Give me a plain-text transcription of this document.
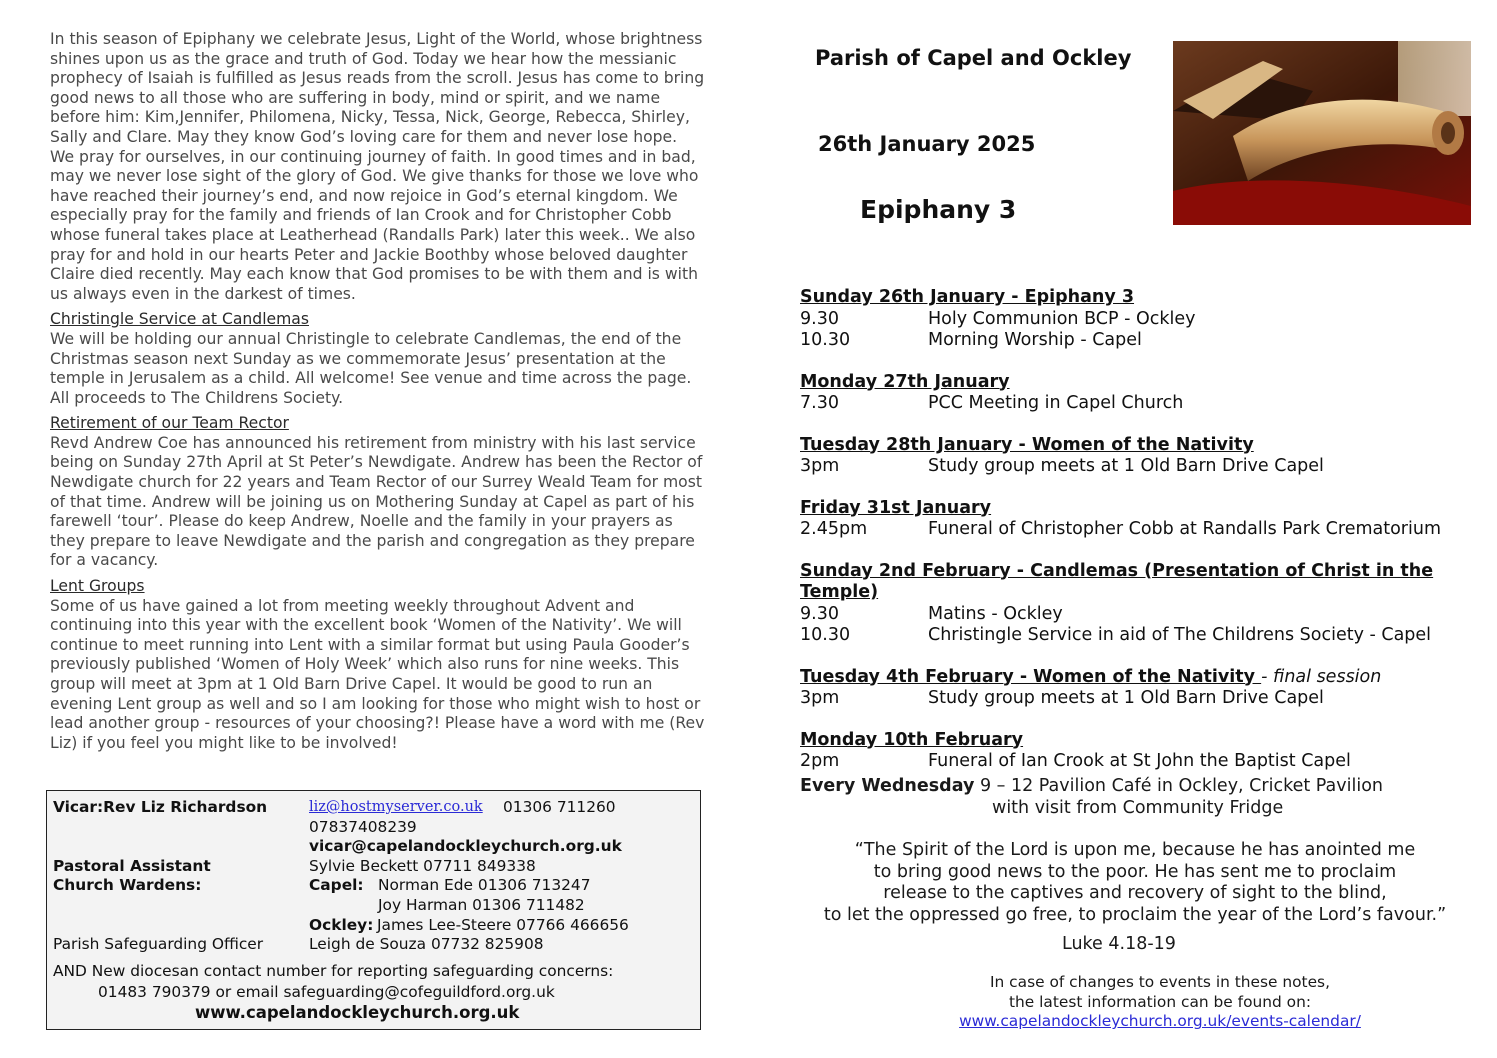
In this season of Epiphany we celebrate Jesus, Light of the World, whose brightness shines upon us as the grace and truth of God. Today we hear how the messianic prophecy of Isaiah is fulfilled as Jesus reads from the scroll. Jesus has come to bring good news to all those who are suffering in body, mind or spirit, and we name before him: Kim,Jennifer, Philomena, Nicky, Tessa, Nick, George, Rebecca, Shirley, Sally and Clare. May they know God’s loving care for them and never lose hope. We pray for ourselves, in our continuing journey of faith. In good times and in bad, may we never lose sight of the glory of God. We give thanks for those we love who have reached their journey’s end, and now rejoice in God’s eternal kingdom. We especially pray for the family and friends of Ian Crook and for Christopher Cobb whose funeral takes place at Leatherhead (Randalls Park) later this week.. We also pray for and hold in our hearts Peter and Jackie Boothby whose beloved daughter Claire died recently. May each know that God promises to be with them and is with us always even in the darkest of times.

Christingle Service at Candlemas

We will be holding our annual Christingle to celebrate Candlemas, the end of the Christmas season next Sunday as we commemorate Jesus’ presentation at the temple in Jerusalem as a child. All welcome! See venue and time across the page. All proceeds to The Childrens Society.

Retirement of our Team Rector

Revd Andrew Coe has announced his retirement from ministry with his last service being on Sunday 27th April at St Peter’s Newdigate. Andrew has been the Rector of Newdigate church for 22 years and Team Rector of our Surrey Weald Team for most of that time. Andrew will be joining us on Mothering Sunday at Capel as part of his farewell ‘tour’. Please do keep Andrew, Noelle and the family in your prayers as they prepare to leave Newdigate and the parish and congregation as they prepare for a vacancy.

Lent Groups

Some of us have gained a lot from meeting weekly throughout Advent and continuing into this year with the excellent book ‘Women of the Nativity’. We will continue to meet running into Lent with a similar format but using Paula Gooder’s previously published ‘Women of Holy Week’ which also runs for nine weeks. This group will meet at 3pm at 1 Old Barn Drive Capel. It would be good to run an evening Lent group as well and so I am looking for those who might wish to host or lead another group - resources of your choosing?! Please have a word with me (Rev Liz) if you feel you might like to be involved!

Vicar:Rev Liz Richardson	liz@hostmyserver.co.uk 01306 711260
07837408239
vicar@capelandockleychurch.org.uk
Pastoral Assistant	Sylvie Beckett 07711 849338
Church Wardens:	Capel: Norman Ede 01306 713247
Joy Harman 01306 711482
Ockley: James Lee-Steere 07766 466656
Parish Safeguarding Officer	Leigh de Souza 07732 825908
AND New diocesan contact number for reporting safeguarding concerns:
01483 790379 or email safeguarding@cofeguildford.org.uk
www.capelandockleychurch.org.uk
Parish of Capel and Ockley
26th January 2025
Epiphany 3
Sunday 26th January - Epiphany 3
9.30	Holy Communion BCP - Ockley
10.30	Morning Worship - Capel
Monday 27th January
7.30	PCC Meeting in Capel Church
Tuesday 28th January - Women of the Nativity
3pm	Study group meets at 1 Old Barn Drive Capel
Friday 31st January
2.45pm	Funeral of Christopher Cobb at Randalls Park Crematorium
Sunday 2nd February - Candlemas (Presentation of Christ in the Temple)
9.30	Matins - Ockley
10.30	Christingle Service in aid of The Childrens Society - Capel
Tuesday 4th February - Women of the Nativity - final session
3pm	Study group meets at 1 Old Barn Drive Capel
Monday 10th February
2pm	Funeral of Ian Crook at St John the Baptist Capel
Every Wednesday 9 – 12 Pavilion Café in Ockley, Cricket Pavilion
with visit from Community Fridge
“The Spirit of the Lord is upon me, because he has anointed me
to bring good news to the poor. He has sent me to proclaim
release to the captives and recovery of sight to the blind,
to let the oppressed go free, to proclaim the year of the Lord’s favour.”
Luke 4.18-19
In case of changes to events in these notes,
the latest information can be found on:
www.capelandockleychurch.org.uk/events-calendar/
